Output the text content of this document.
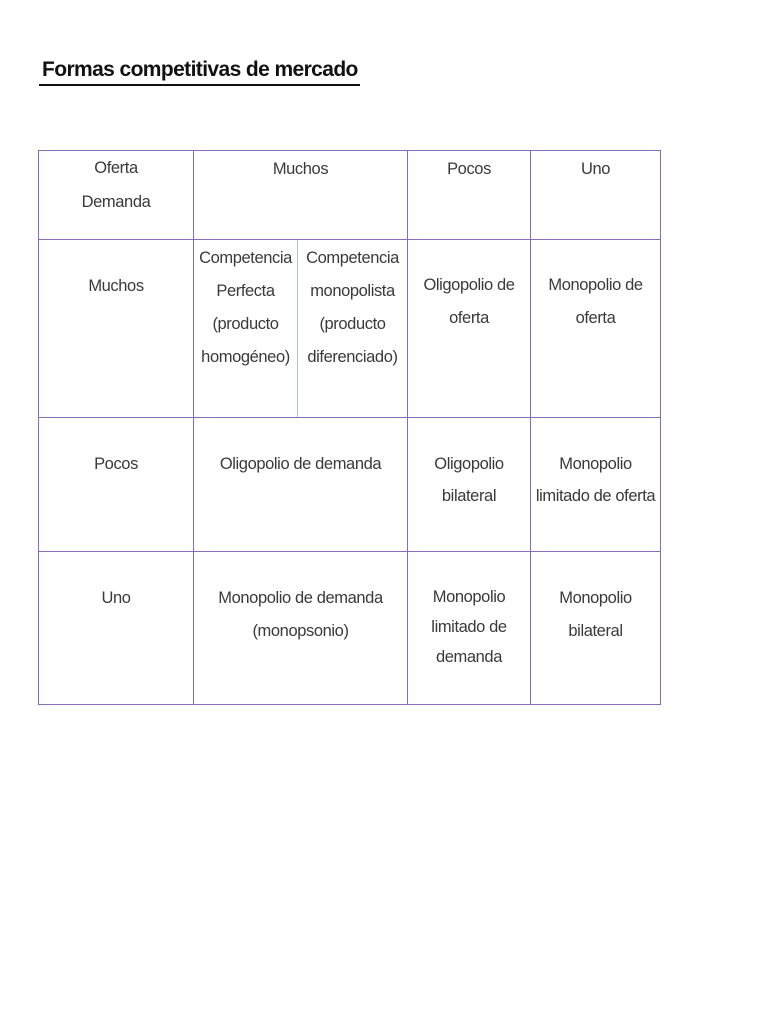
Formas competitivas de mercado
Oferta
Demanda	Muchos		Pocos	Uno

Muchos	Competencia
Perfecta
(producto
homogéneo)	Competencia
monopolista
(producto
diferenciado)	Oligopolio de
oferta	Monopolio de
oferta

Pocos	Oligopolio de demanda		Oligopolio
bilateral	Monopolio
limitado de oferta

Uno	Monopolio de demanda
(monopsonio)		Monopolio
limitado de
demanda	Monopolio
bilateral
